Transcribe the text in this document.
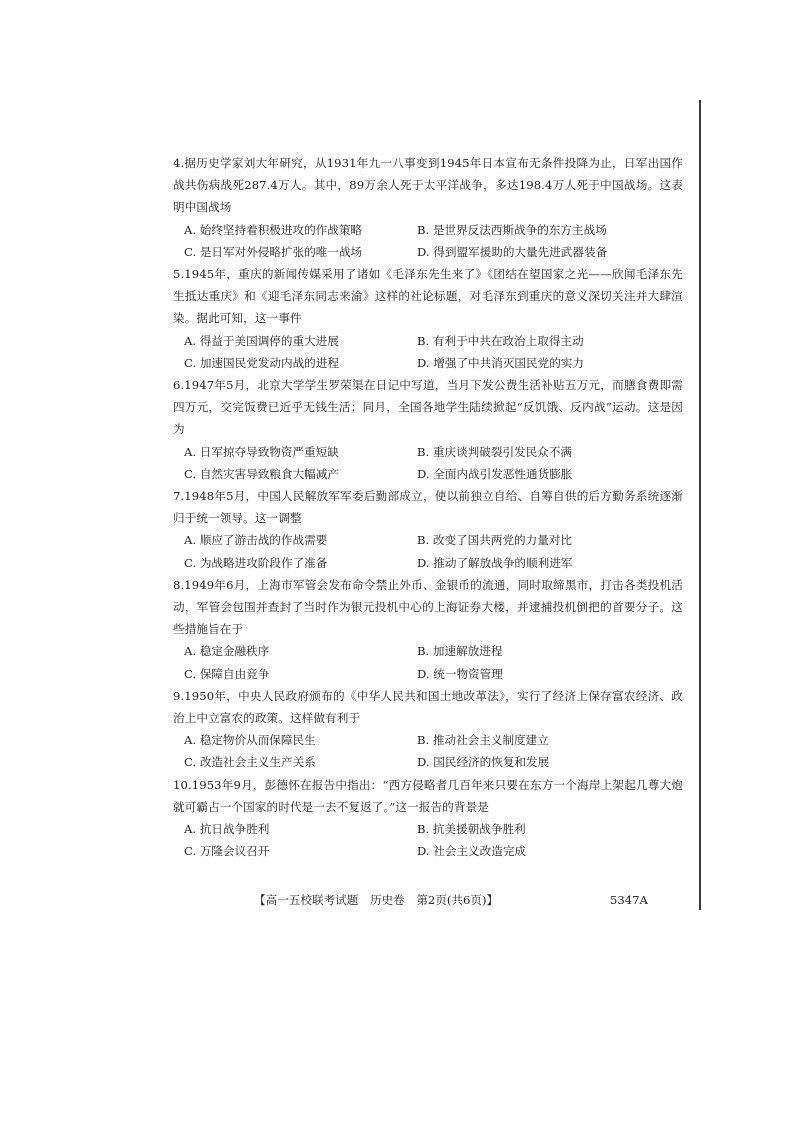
4.据历史学家刘大年研究，从1931年九一八事变到1945年日本宣布无条件投降为止，日军出国作战共伤病战死287.4万人。其中，89万余人死于太平洋战争，多达198.4万人死于中国战场。这表明中国战场
A. 始终坚持着积极进攻的作战策略	B. 是世界反法西斯战争的东方主战场
C. 是日军对外侵略扩张的唯一战场	D. 得到盟军援助的大量先进武器装备
5.1945年，重庆的新闻传媒采用了诸如《毛泽东先生来了》《团结在望国家之光——欣闻毛泽东先生抵达重庆》和《迎毛泽东同志来渝》这样的社论标题，对毛泽东到重庆的意义深切关注并大肆渲染。据此可知，这一事件
A. 得益于美国调停的重大进展	B. 有利于中共在政治上取得主动
C. 加速国民党发动内战的进程	D. 增强了中共消灭国民党的实力
6.1947年5月，北京大学学生罗荣渠在日记中写道，当月下发公费生活补贴五万元，而膳食费即需四万元，交完饭费已近乎无钱生活；同月，全国各地学生陆续掀起“反饥饿、反内战”运动。这是因为
A. 日军掠夺导致物资严重短缺	B. 重庆谈判破裂引发民众不满
C. 自然灾害导致粮食大幅减产	D. 全面内战引发恶性通货膨胀
7.1948年5月，中国人民解放军军委后勤部成立，使以前独立自给、自筹自供的后方勤务系统逐渐归于统一领导。这一调整
A. 顺应了游击战的作战需要	B. 改变了国共两党的力量对比
C. 为战略进攻阶段作了准备	D. 推动了解放战争的顺利进军
8.1949年6月，上海市军管会发布命令禁止外币、金银币的流通，同时取缔黑市，打击各类投机活动，军管会包围并查封了当时作为银元投机中心的上海证券大楼，并逮捕投机倒把的首要分子。这些措施旨在于
A. 稳定金融秩序	B. 加速解放进程
C. 保障自由竞争	D. 统一物资管理
9.1950年，中央人民政府颁布的《中华人民共和国土地改革法》，实行了经济上保存富农经济、政治上中立富农的政策。这样做有利于
A. 稳定物价从而保障民生	B. 推动社会主义制度建立
C. 改造社会主义生产关系	D. 国民经济的恢复和发展
10.1953年9月，彭德怀在报告中指出：“西方侵略者几百年来只要在东方一个海岸上架起几尊大炮就可霸占一个国家的时代是一去不复返了。”这一报告的背景是
A. 抗日战争胜利	B. 抗美援朝战争胜利
C. 万隆会议召开	D. 社会主义改造完成
【高一五校联考试题　历史卷　第2页(共6页)】	5347A
